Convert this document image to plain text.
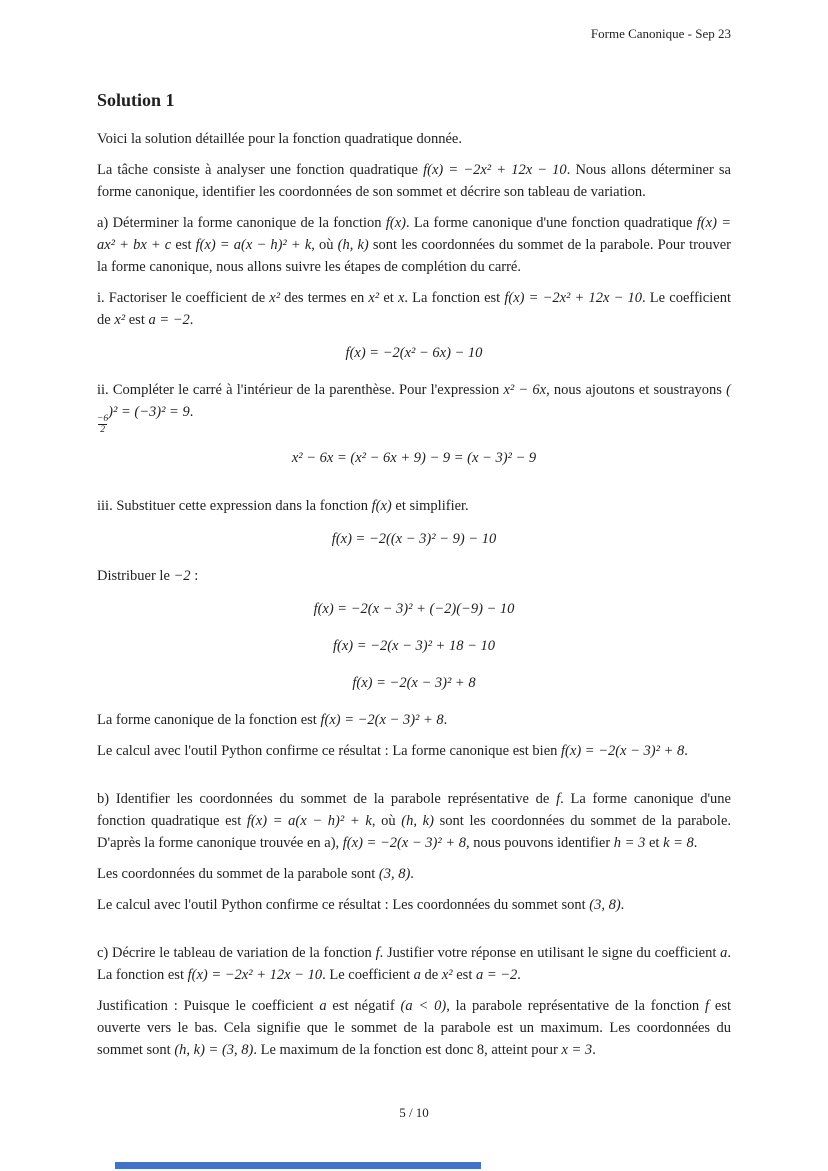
Forme Canonique - Sep 23
Solution 1
Voici la solution détaillée pour la fonction quadratique donnée.
La tâche consiste à analyser une fonction quadratique f(x) = −2x² + 12x − 10. Nous allons déterminer sa forme canonique, identifier les coordonnées de son sommet et décrire son tableau de variation.
a) Déterminer la forme canonique de la fonction f(x). La forme canonique d'une fonction quadratique f(x) = ax² + bx + c est f(x) = a(x − h)² + k, où (h, k) sont les coordonnées du sommet de la parabole. Pour trouver la forme canonique, nous allons suivre les étapes de complétion du carré.
i. Factoriser le coefficient de x² des termes en x² et x. La fonction est f(x) = −2x² + 12x − 10. Le coefficient de x² est a = −2.
f(x) = −2(x² − 6x) − 10
ii. Compléter le carré à l'intérieur de la parenthèse. Pour l'expression x² − 6x, nous ajoutons et soustrayons (
$\frac{-6}{2}$
)² = (−3)² = 9.
x² − 6x = (x² − 6x + 9) − 9 = (x − 3)² − 9
iii. Substituer cette expression dans la fonction f(x) et simplifier.
f(x) = −2((x − 3)² − 9) − 10
Distribuer le −2 :
f(x) = −2(x − 3)² + (−2)(−9) − 10
f(x) = −2(x − 3)² + 18 − 10
f(x) = −2(x − 3)² + 8
La forme canonique de la fonction est f(x) = −2(x − 3)² + 8.
Le calcul avec l'outil Python confirme ce résultat : La forme canonique est bien f(x) = −2(x − 3)² + 8.
b) Identifier les coordonnées du sommet de la parabole représentative de f. La forme canonique d'une fonction quadratique est f(x) = a(x − h)² + k, où (h, k) sont les coordonnées du sommet de la parabole. D'après la forme canonique trouvée en a), f(x) = −2(x − 3)² + 8, nous pouvons identifier h = 3 et k = 8.
Les coordonnées du sommet de la parabole sont (3, 8).
Le calcul avec l'outil Python confirme ce résultat : Les coordonnées du sommet sont (3, 8).
c) Décrire le tableau de variation de la fonction f. Justifier votre réponse en utilisant le signe du coefficient a. La fonction est f(x) = −2x² + 12x − 10. Le coefficient a de x² est a = −2.
Justification : Puisque le coefficient a est négatif (a < 0), la parabole représentative de la fonction f est ouverte vers le bas. Cela signifie que le sommet de la parabole est un maximum. Les coordonnées du sommet sont (h, k) = (3, 8). Le maximum de la fonction est donc 8, atteint pour x = 3.
5 / 10
